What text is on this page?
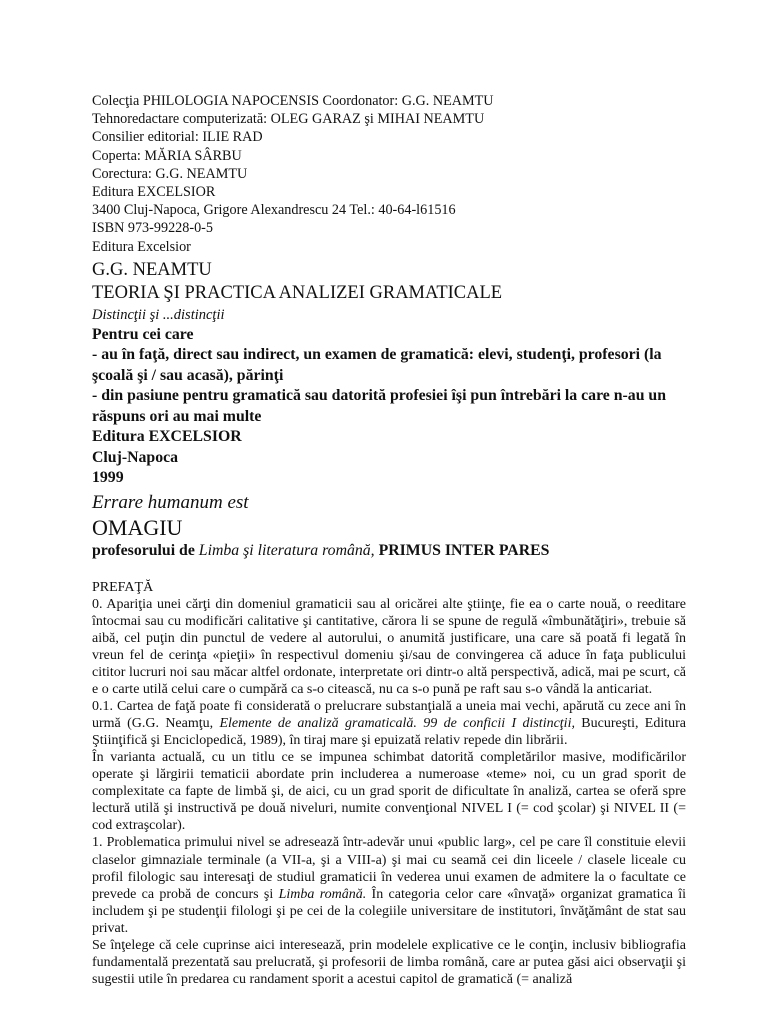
Colecţia PHILOLOGIA NAPOCENSIS Coordonator: G.G. NEAMTU
Tehnoredactare computerizată: OLEG GARAZ şi MIHAI NEAMTU
Consilier editorial: ILIE RAD
Coperta: MĂRIA SÂRBU
Corectura: G.G. NEAMTU
Editura EXCELSIOR
3400 Cluj-Napoca, Grigore Alexandrescu 24 Tel.: 40-64-l61516
ISBN 973-99228-0-5
Editura Excelsior
G.G. NEAMTU
TEORIA ŞI PRACTICA ANALIZEI GRAMATICALE
Distincţii şi ...distincţii
Pentru cei care
- au în faţă, direct sau indirect, un examen de gramatică: elevi, studenţi, profesori (la şcoală şi / sau acasă), părinţi
- din pasiune pentru gramatică sau datorită profesiei îşi pun întrebări la care n-au un răspuns ori au mai multe
Editura EXCELSIOR
Cluj-Napoca
1999
Errare humanum est
OMAGIU
profesorului de Limba şi literatura română, PRIMUS INTER PARES
PREFAŢĂ

0. Apariţia unei cărţi din domeniul gramaticii sau al oricărei alte ştiinţe, fie ea o carte nouă, o reeditare întocmai sau cu modificări calitative şi cantitative, cărora li se spune de regulă «îmbunătăţiri», trebuie să aibă, cel puţin din punctul de vedere al autorului, o anumită justificare, una care să poată fi legată în vreun fel de cerinţa «pieţii» în respectivul domeniu şi/sau de convingerea că aduce în faţa publicului cititor lucruri noi sau măcar altfel ordonate, interpretate ori dintr-o altă perspectivă, adică, mai pe scurt, că e o carte utilă celui care o cumpără ca s-o citească, nu ca s-o pună pe raft sau s-o vândă la anticariat.

0.1. Cartea de faţă poate fi considerată o prelucrare substanţială a uneia mai vechi, apărută cu zece ani în urmă (G.G. Neamţu, Elemente de analiză gramaticală. 99 de conficii I distincţii, Bucureşti, Editura Ştiinţifică şi Enciclopedică, 1989), în tiraj mare şi epuizată relativ repede din librării.

În varianta actuală, cu un titlu ce se impunea schimbat datorită completărilor masive, modificărilor operate şi lărgirii tematicii abordate prin includerea a numeroase «teme» noi, cu un grad sporit de complexitate ca fapte de limbă şi, de aici, cu un grad sporit de dificultate în analiză, cartea se oferă spre lectură utilă şi instructivă pe două niveluri, numite convenţional NIVEL I (= cod şcolar) şi NIVEL II (= cod extraşcolar).

1. Problematica primului nivel se adresează într-adevăr unui «public larg», cel pe care îl constituie elevii claselor gimnaziale terminale (a VII-a, şi a VIII-a) şi mai cu seamă cei din liceele / clasele liceale cu profil filologic sau interesaţi de studiul gramaticii în vederea unui examen de admitere la o facultate ce prevede ca probă de concurs şi Limba română. În categoria celor care «învaţă» organizat gramatica îi includem şi pe studenţii filologi şi pe cei de la colegiile universitare de institutori, învăţământ de stat sau privat.

Se înţelege că cele cuprinse aici interesează, prin modelele explicative ce le conţin, inclusiv bibliografia fundamentală prezentată sau prelucrată, şi profesorii de limba română, care ar putea găsi aici observaţii şi sugestii utile în predarea cu randament sporit a acestui capitol de gramatică (= analiză
